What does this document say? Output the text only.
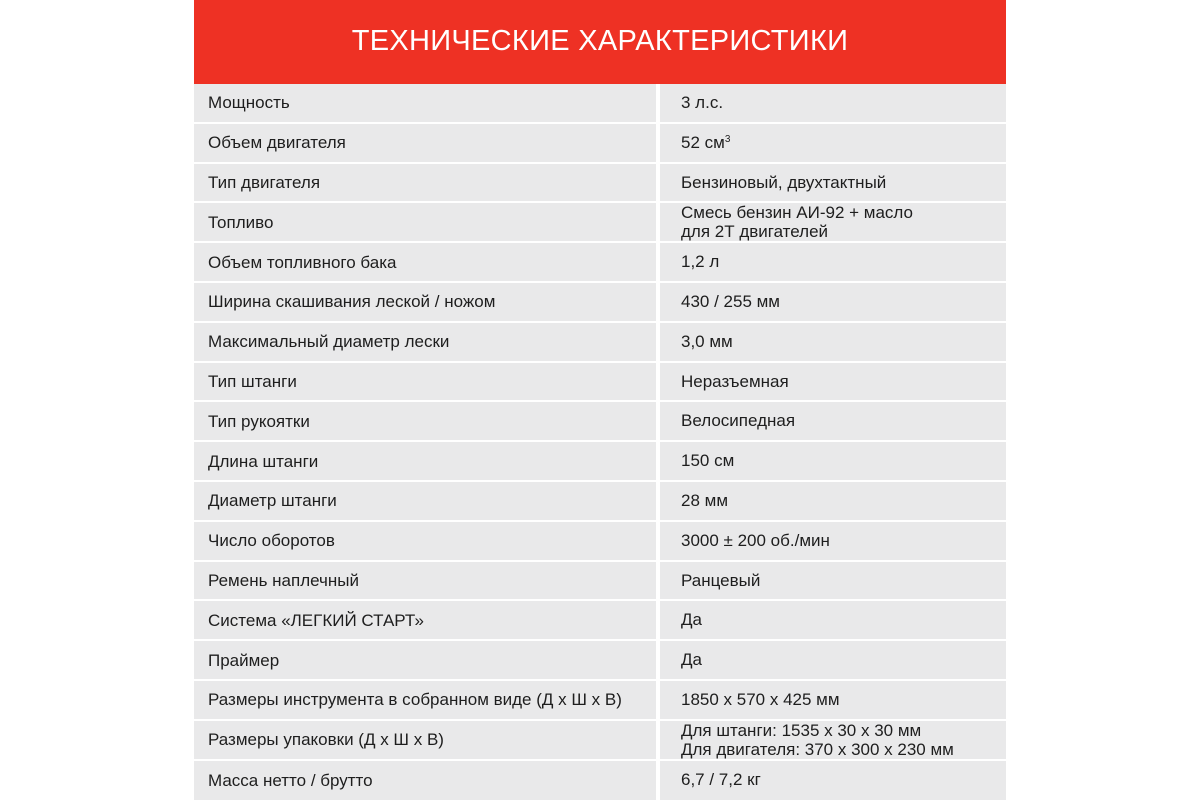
ТЕХНИЧЕСКИЕ ХАРАКТЕРИСТИКИ
Мощность	3 л.с.
Объем двигателя	52 $см^3$
Тип двигателя	Бензиновый, двухтактный
Топливо	Смесь бензин АИ-92 + масло
для 2Т двигателей
Объем топливного бака	1,2 л
Ширина скашивания леской / ножом	430 / 255 мм
Максимальный диаметр лески	3,0 мм
Тип штанги	Неразъемная
Тип рукоятки	Велосипедная
Длина штанги	150 см
Диаметр штанги	28 мм
Число оборотов	3000 ± 200 об./мин
Ремень наплечный	Ранцевый
Система «ЛЕГКИЙ СТАРТ»	Да
Праймер	Да
Размеры инструмента в собранном виде (Д х Ш х В)	1850 х 570 х 425 мм
Размеры упаковки (Д х Ш х В)	Для штанги: 1535 х 30 х 30 мм
Для двигателя: 370 х 300 х 230 мм
Масса нетто / брутто	6,7 / 7,2 кг
